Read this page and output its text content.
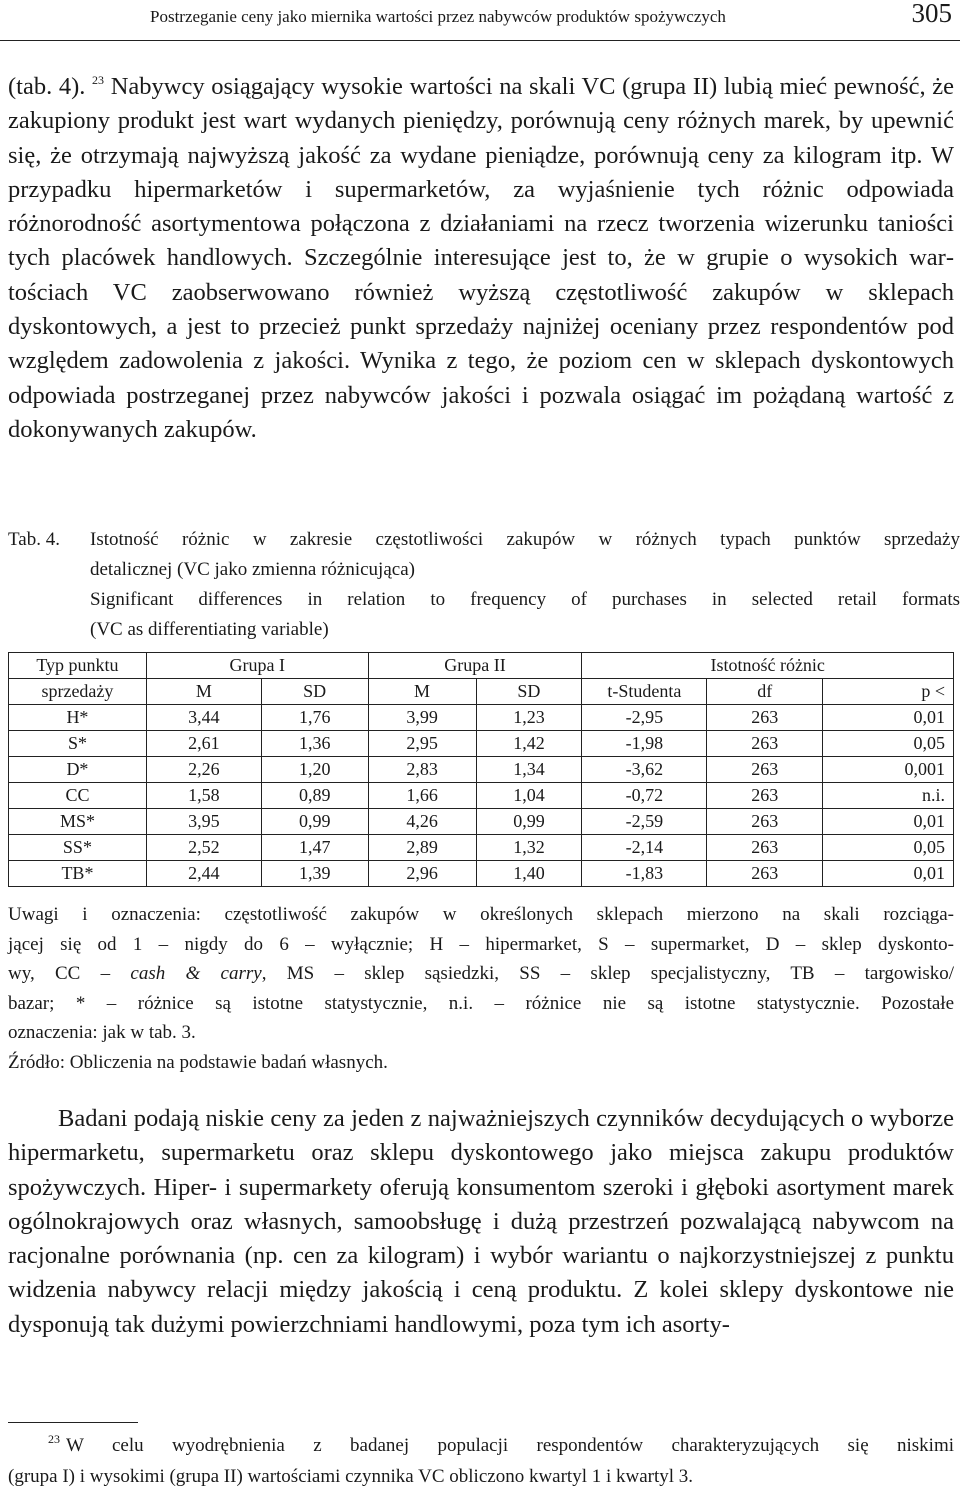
Postrzeganie ceny jako miernika wartości przez nabywców produktów spożywczych	305

(tab. 4). $^{23}$ Nabywcy osiągający wysokie wartości na skali VC (grupa II) lubią mieć pewność, że zakupiony produkt jest wart wydanych pieniędzy, porównują ceny różnych marek, by upewnić się, że otrzymają najwyższą jakość za wydane pieniądze, porównują ceny za kilogram itp. W przypadku hipermarketów i supermarketów, za wyjaśnienie tych różnic odpowiada różnorodność asortymentowa połączona z działaniami na rzecz tworzenia wizerunku taniości tych placówek handlowych. Szczególnie interesujące jest to, że w grupie o wysokich wartościach VC zaobserwowano również wyższą częstotliwość zakupów w sklepach dyskontowych, a jest to przecież punkt sprzedaży najniżej oceniany przez respondentów pod względem zadowolenia z jakości. Wynika z tego, że poziom cen w sklepach dyskontowych odpowiada postrzeganej przez nabywców jakości i pozwala osiągać im pożądaną wartość z dokonywanych zakupów.

Tab. 4. Istotność różnic w zakresie częstotliwości zakupów w różnych typach punktów sprzedaży
detalicznej (VC jako zmienna różnicująca)
Significant differences in relation to frequency of purchases in selected retail formats
(VC as differentiating variable)
Typ punktu	Grupa I		Grupa II		Istotność różnic		
sprzedaży	M	SD	M	SD	t-Studenta	df	p <
H*	3,44	1,76	3,99	1,23	-2,95	263	0,01
S*	2,61	1,36	2,95	1,42	-1,98	263	0,05
D*	2,26	1,20	2,83	1,34	-3,62	263	0,001
CC	1,58	0,89	1,66	1,04	-0,72	263	n.i.
MS*	3,95	0,99	4,26	0,99	-2,59	263	0,01
SS*	2,52	1,47	2,89	1,32	-2,14	263	0,05
TB*	2,44	1,39	2,96	1,40	-1,83	263	0,01
Uwagi i oznaczenia: częstotliwość zakupów w określonych sklepach mierzono na skali rozciąga-
jącej się od 1 – nigdy do 6 – wyłącznie; H – hipermarket, S – supermarket, D – sklep dyskonto-
wy, CC – cash & carry, MS – sklep sąsiedzki, SS – sklep specjalistyczny, TB – targowisko/
bazar; * – różnice są istotne statystycznie, n.i. – różnice nie są istotne statystycznie. Pozostałe
oznaczenia: jak w tab. 3.
Źródło: Obliczenia na podstawie badań własnych.

Badani podają niskie ceny za jeden z najważniejszych czynników decydujących o wyborze hipermarketu, supermarketu oraz sklepu dyskontowego jako miejsca zakupu produktów spożywczych. Hiper- i supermarkety oferują konsumentom szeroki i głęboki asortyment marek ogólnokrajowych oraz własnych, samoobsługę i dużą przestrzeń pozwalającą nabywcom na racjonalne porównania (np. cen za kilogram) i wybór wariantu o najkorzystniejszej z punktu widzenia nabywcy relacji między jakością i ceną produktu. Z kolei sklepy dyskontowe nie dysponują tak dużymi powierzchniami handlowymi, poza tym ich asorty-

$^{23}$ W celu wyodrębnienia z badanej populacji respondentów charakteryzujących się niskimi
(grupa I) i wysokimi (grupa II) wartościami czynnika VC obliczono kwartyl 1 i kwartyl 3.
